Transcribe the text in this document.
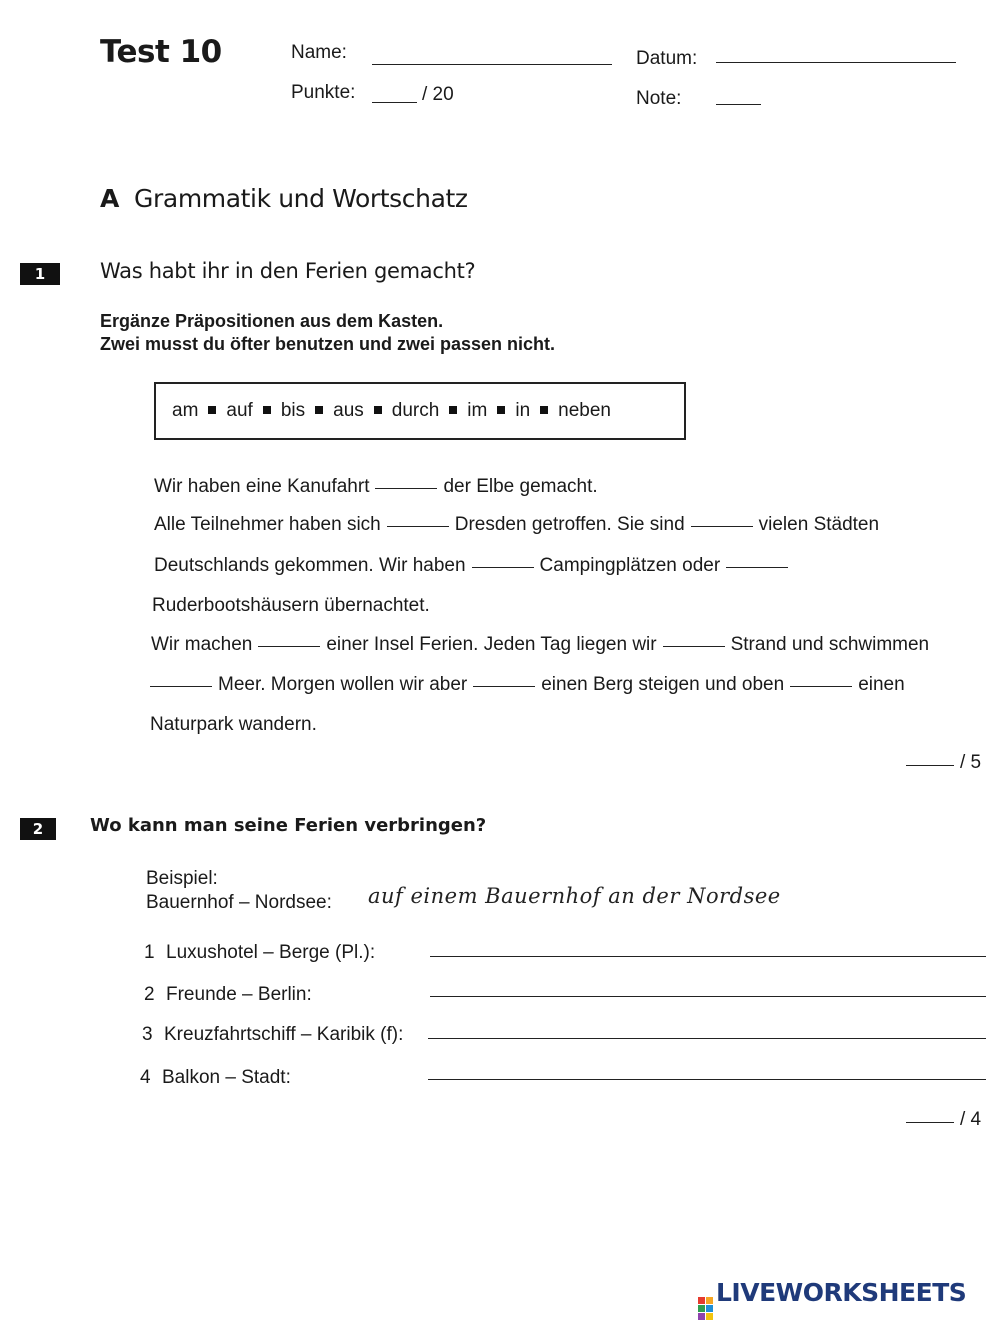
Test 10	Name:	Datum:
Punkte:	/ 20	Note:
A Grammatik und Wortschatz
1	Was habt ihr in den Ferien gemacht?
Ergänze Präpositionen aus dem Kasten.
Zwei musst du öfter benutzen und zwei passen nicht.
am auf bis aus durch im in neben
Wir haben eine Kanufahrt	der Elbe gemacht.
Alle Teilnehmer haben sich	Dresden getroffen. Sie sind	vielen Städten
Deutschlands gekommen. Wir haben	Campingplätzen oder
Ruderbootshäusern übernachtet.
Wir machen	einer Insel Ferien. Jeden Tag liegen wir	Strand und schwimmen
Meer. Morgen wollen wir aber	einen Berg steigen und oben	einen
Naturpark wandern.
/ 5
2	Wo kann man seine Ferien verbringen?
Beispiel:
Bauernhof – Nordsee: auf einem Bauernhof an der Nordsee
1 Luxushotel – Berge (Pl.):
2 Freunde – Berlin:
3 Kreuzfahrtschiff – Karibik (f):
4 Balkon – Stadt:
/ 4
LIVEWORKSHEETS
